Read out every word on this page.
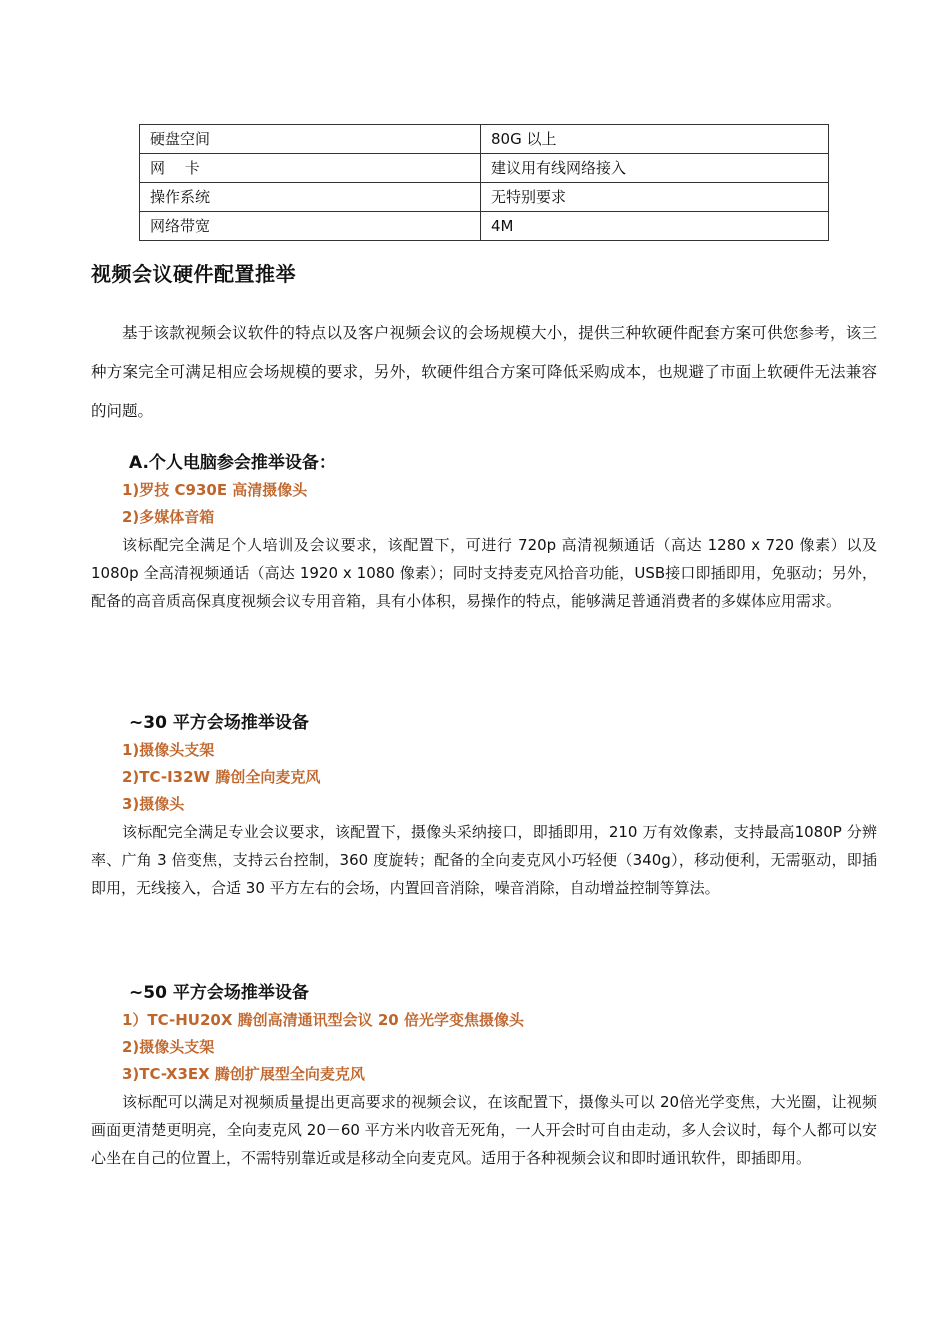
硬盘空间	80G 以上
网　 卡	建议用有线网络接入
操作系统	无特别要求
网络带宽	4M
视频会议硬件配置推举

基于该款视频会议软件的特点以及客户视频会议的会场规模大小，提供三种软硬件配套方案可供您参考，该三种方案完全可满足相应会场规模的要求，另外，软硬件组合方案可降低采购成本，也规避了市面上软硬件无法兼容的问题。

A.个人电脑参会推举设备：
1)罗技 C930E 高清摄像头
2)多媒体音箱

该标配完全满足个人培训及会议要求，该配置下，可进行 720p 高清视频通话（高达 1280 x 720 像素）以及1080p 全高清视频通话（高达 1920 x 1080 像素）；同时支持麦克风拾音功能，USB接口即插即用，免驱动；另外，配备的高音质高保真度视频会议专用音箱，具有小体积，易操作的特点，能够满足普通消费者的多媒体应用需求。

~30 平方会场推举设备
1)摄像头支架
2)TC-I32W 腾创全向麦克风
3)摄像头

该标配完全满足专业会议要求，该配置下，摄像头采纳接口，即插即用，210 万有效像素，支持最高1080P 分辨率、广角 3 倍变焦，支持云台控制，360 度旋转；配备的全向麦克风小巧轻便（340g），移动便利，无需驱动，即插即用，无线接入，合适 30 平方左右的会场，内置回音消除，噪音消除，自动增益控制等算法。

~50 平方会场推举设备
1）TC-HU20X 腾创高清通讯型会议 20 倍光学变焦摄像头
2)摄像头支架
3)TC-X3EX 腾创扩展型全向麦克风

该标配可以满足对视频质量提出更高要求的视频会议，在该配置下，摄像头可以 20倍光学变焦，大光圈，让视频画面更清楚更明亮，全向麦克风 20－60 平方米内收音无死角，一人开会时可自由走动，多人会议时，每个人都可以安心坐在自己的位置上，不需特别靠近或是移动全向麦克风。适用于各种视频会议和即时通讯软件，即插即用。
